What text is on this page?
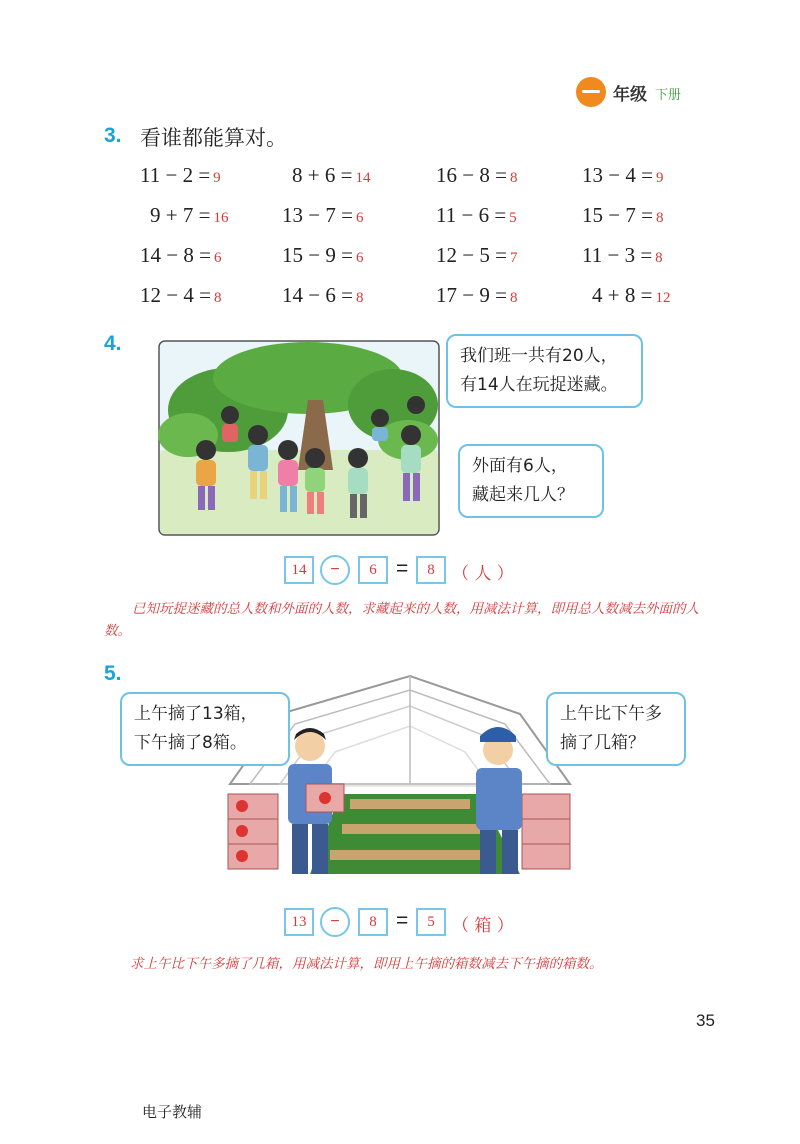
年级 下册
3. 看谁都能算对。
11 − 2 = 9	8 + 6 = 14	16 − 8 = 8	13 − 4 = 9
9 + 7 = 16	13 − 7 = 6	11 − 6 = 5	15 − 7 = 8
14 − 8 = 6	15 − 9 = 6	12 − 5 = 7	11 − 3 = 8
12 − 4 = 8	14 − 6 = 8	17 − 9 = 8	4 + 8 = 12
4.
我们班一共有20人，
有14人在玩捉迷藏。
外面有6人，
藏起来几人？
14	−	6 =	8	（ 人 ）
已知玩捉迷藏的总人数和外面的人数，求藏起来的人数，用减法计算，即用总人数减去外面的人数。
5.
上午摘了13箱，
下午摘了8箱。
上午比下午多
摘了几箱？
13	−	8 =	5	（ 箱 ）
求上午比下午多摘了几箱，用减法计算，即用上午摘的箱数减去下午摘的箱数。
35
电子教辅
